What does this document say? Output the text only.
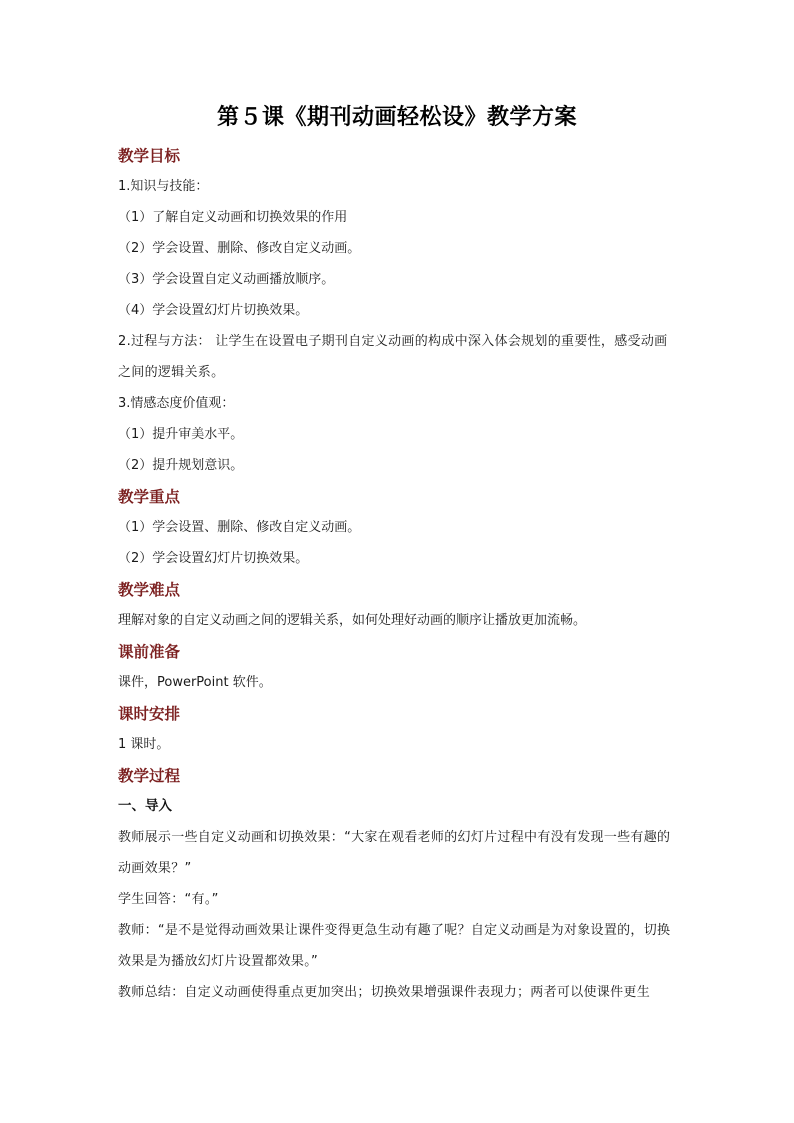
第５课《期刊动画轻松设》教学方案
教学目标
1.知识与技能：
（1）了解自定义动画和切换效果的作用
（2）学会设置、删除、修改自定义动画。
（3）学会设置自定义动画播放顺序。
（4）学会设置幻灯片切换效果。
2.过程与方法： 让学生在设置电子期刊自定义动画的构成中深入体会规划的重要性，感受动画之间的逻辑关系。
3.情感态度价值观：
（1）提升审美水平。
（2）提升规划意识。
教学重点
（1）学会设置、删除、修改自定义动画。
（2）学会设置幻灯片切换效果。
教学难点
理解对象的自定义动画之间的逻辑关系，如何处理好动画的顺序让播放更加流畅。
课前准备
课件，PowerPoint 软件。
课时安排
1 课时。
教学过程
一、导入
教师展示一些自定义动画和切换效果：“大家在观看老师的幻灯片过程中有没有发现一些有趣的动画效果？”
学生回答：“有。”
教师：“是不是觉得动画效果让课件变得更急生动有趣了呢？自定义动画是为对象设置的，切换效果是为播放幻灯片设置都效果。”
教师总结：自定义动画使得重点更加突出；切换效果增强课件表现力；两者可以使课件更生
